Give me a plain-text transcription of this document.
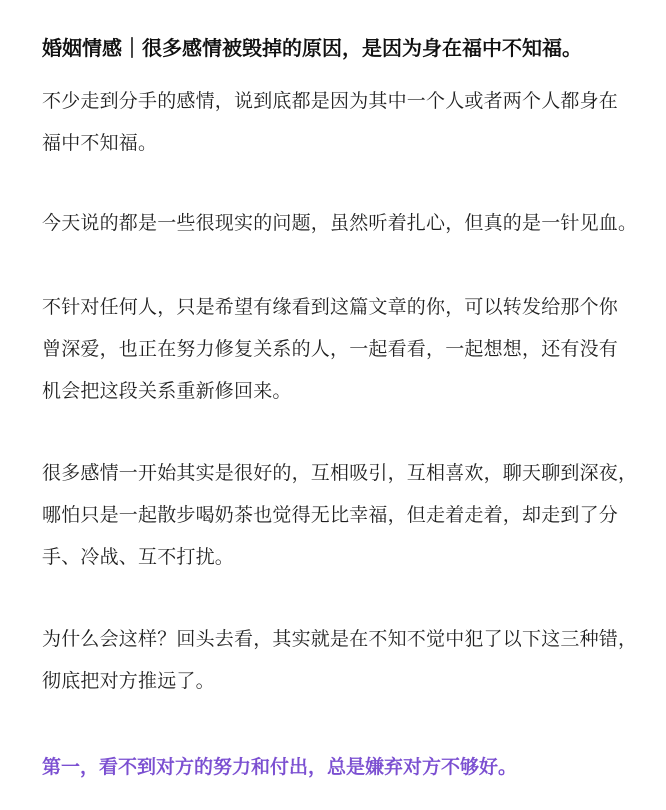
婚姻情感｜很多感情被毁掉的原因，是因为身在福中不知福。

不少走到分手的感情，说到底都是因为其中一个人或者两个人都身在
福中不知福。

今天说的都是一些很现实的问题，虽然听着扎心，但真的是一针见血。

不针对任何人，只是希望有缘看到这篇文章的你，可以转发给那个你
曾深爱，也正在努力修复关系的人，一起看看，一起想想，还有没有
机会把这段关系重新修回来。

很多感情一开始其实是很好的，互相吸引，互相喜欢，聊天聊到深夜，
哪怕只是一起散步喝奶茶也觉得无比幸福，但走着走着，却走到了分
手、冷战、互不打扰。

为什么会这样？回头去看，其实就是在不知不觉中犯了以下这三种错，
彻底把对方推远了。

第一，看不到对方的努力和付出，总是嫌弃对方不够好。
